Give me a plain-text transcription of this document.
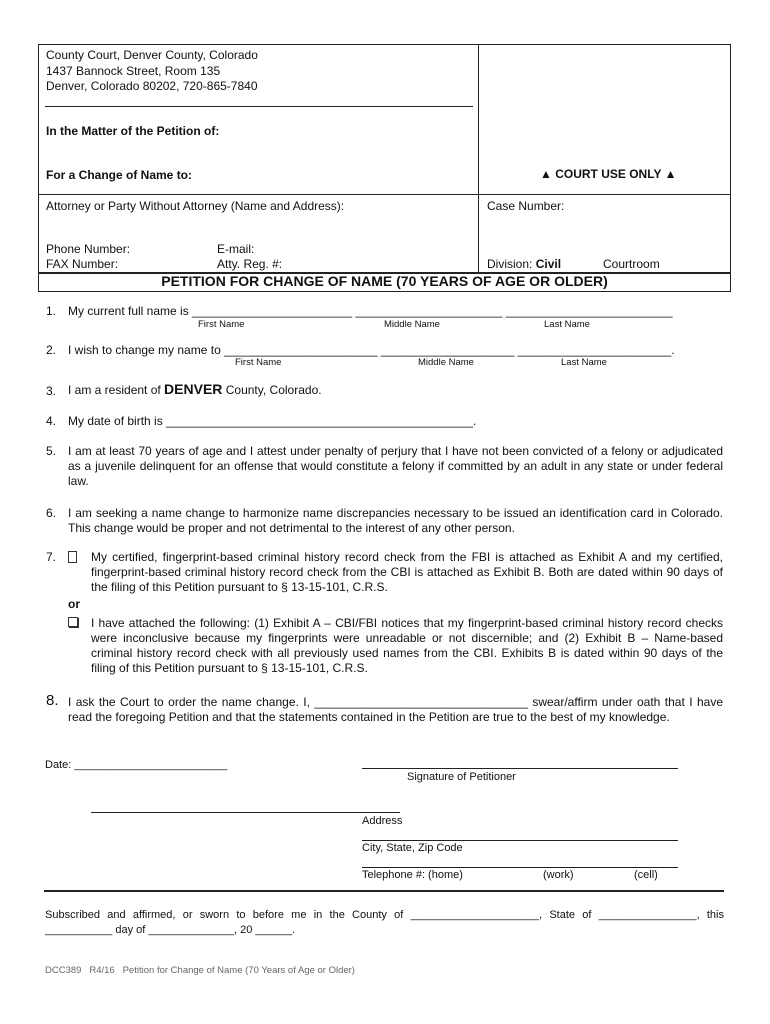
County Court, Denver County, Colorado
1437 Bannock Street, Room 135
Denver, Colorado 80202, 720-865-7840
In the Matter of the Petition of:
For a Change of Name to:	▲ COURT USE ONLY ▲
Attorney or Party Without Attorney (Name and Address):	Case Number:
Phone Number:	E-mail:
FAX Number:	Atty. Reg. #:	Division: Civil	Courtroom
PETITION FOR CHANGE OF NAME (70 YEARS OF AGE OR OLDER)
1. My current full name is ________________________ ______________________ _________________________
First Name	Middle Name	Last Name
2. I wish to change my name to _______________________ ____________________ _______________________.
First Name	Middle Name	Last Name
3. I am a resident of DENVER County, Colorado.
4. My date of birth is ______________________________________________.
5. I am at least 70 years of age and I attest under penalty of perjury that I have not been convicted of a felony or adjudicated as a juvenile delinquent for an offense that would constitute a felony if committed by an adult in any state or under federal law.
6. I am seeking a name change to harmonize name discrepancies necessary to be issued an identification card in Colorado. This change would be proper and not detrimental to the interest of any other person.
7.	My certified, fingerprint-based criminal history record check from the FBI is attached as Exhibit A and my certified, fingerprint-based criminal history record check from the CBI is attached as Exhibit B. Both are dated within 90 days of the filing of this Petition pursuant to § 13-15-101, C.R.S.
or
I have attached the following: (1) Exhibit A – CBI/FBI notices that my fingerprint-based criminal history record checks were inconclusive because my fingerprints were unreadable or not discernible; and (2) Exhibit B – Name-based criminal history record check with all previously used names from the CBI. Exhibits B is dated within 90 days of the filing of this Petition pursuant to § 13-15-101, C.R.S.
8. I ask the Court to order the name change. I, ________________________________ swear/affirm under oath that I have read the foregoing Petition and that the statements contained in the Petition are true to the best of my knowledge.
Date: _________________________
Signature of Petitioner
Address
City, State, Zip Code
Telephone #: (home)	(work)	(cell)
Subscribed and affirmed, or sworn to before me in the County of _____________________, State of ________________, this ___________ day of ______________, 20 ______.
DCC389   R4/16   Petition for Change of Name (70 Years of Age or Older)
